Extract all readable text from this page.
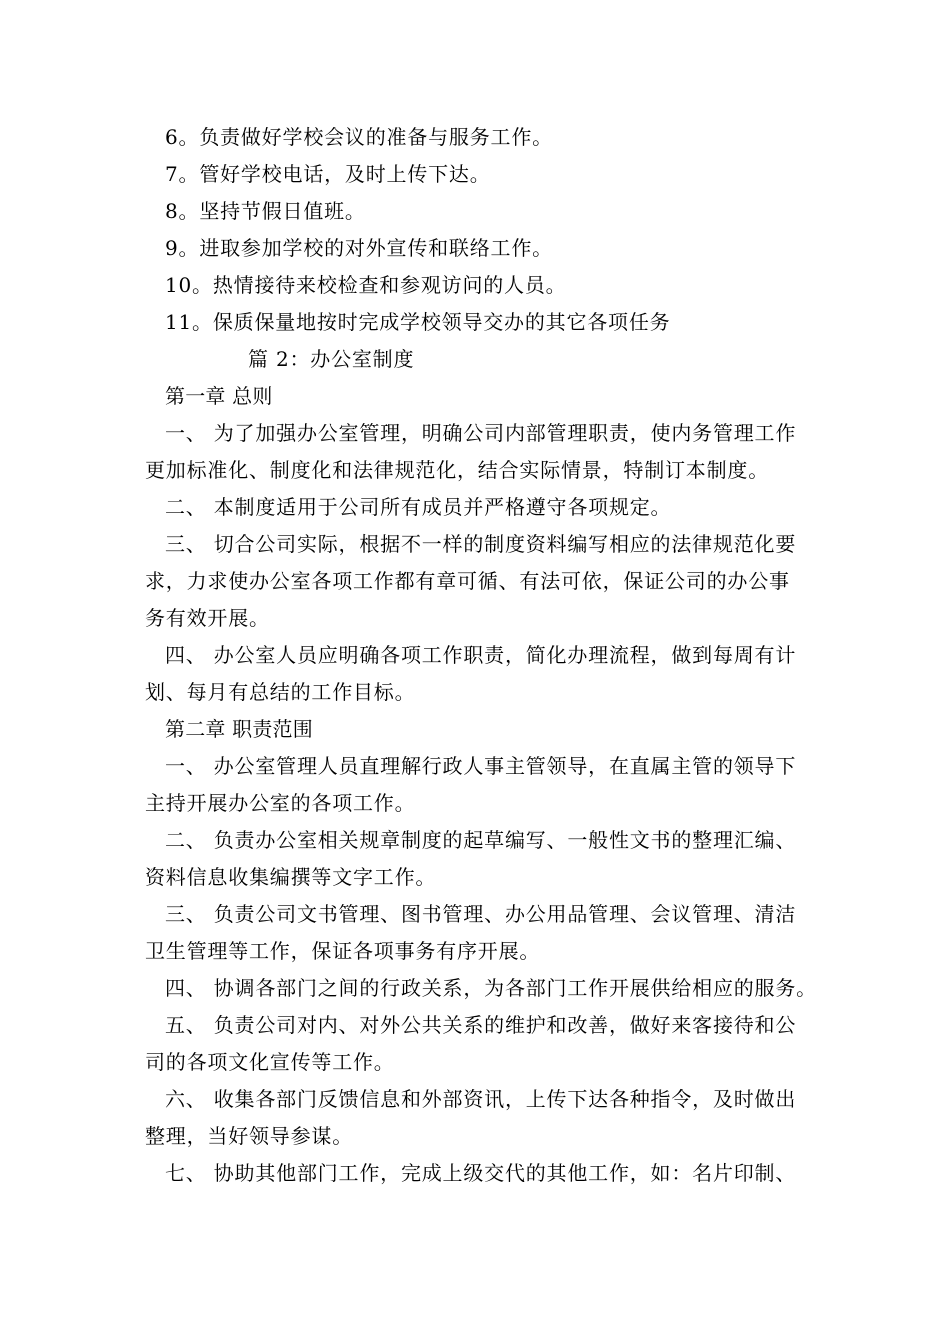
6。负责做好学校会议的准备与服务工作。
7。管好学校电话，及时上传下达。
8。坚持节假日值班。
9。进取参加学校的对外宣传和联络工作。
10。热情接待来校检查和参观访问的人员。
11。保质保量地按时完成学校领导交办的其它各项任务
篇 2：办公室制度
第一章 总则
一、 为了加强办公室管理，明确公司内部管理职责，使内务管理工作
更加标准化、制度化和法律规范化，结合实际情景，特制订本制度。
二、 本制度适用于公司所有成员并严格遵守各项规定。
三、 切合公司实际，根据不一样的制度资料编写相应的法律规范化要
求，力求使办公室各项工作都有章可循、有法可依，保证公司的办公事
务有效开展。
四、 办公室人员应明确各项工作职责，简化办理流程，做到每周有计
划、每月有总结的工作目标。
第二章 职责范围
一、 办公室管理人员直理解行政人事主管领导，在直属主管的领导下
主持开展办公室的各项工作。
二、 负责办公室相关规章制度的起草编写、一般性文书的整理汇编、
资料信息收集编撰等文字工作。
三、 负责公司文书管理、图书管理、办公用品管理、会议管理、清洁
卫生管理等工作，保证各项事务有序开展。
四、 协调各部门之间的行政关系，为各部门工作开展供给相应的服务。
五、 负责公司对内、对外公共关系的维护和改善，做好来客接待和公
司的各项文化宣传等工作。
六、 收集各部门反馈信息和外部资讯，上传下达各种指令，及时做出
整理，当好领导参谋。
七、 协助其他部门工作，完成上级交代的其他工作，如：名片印制、
